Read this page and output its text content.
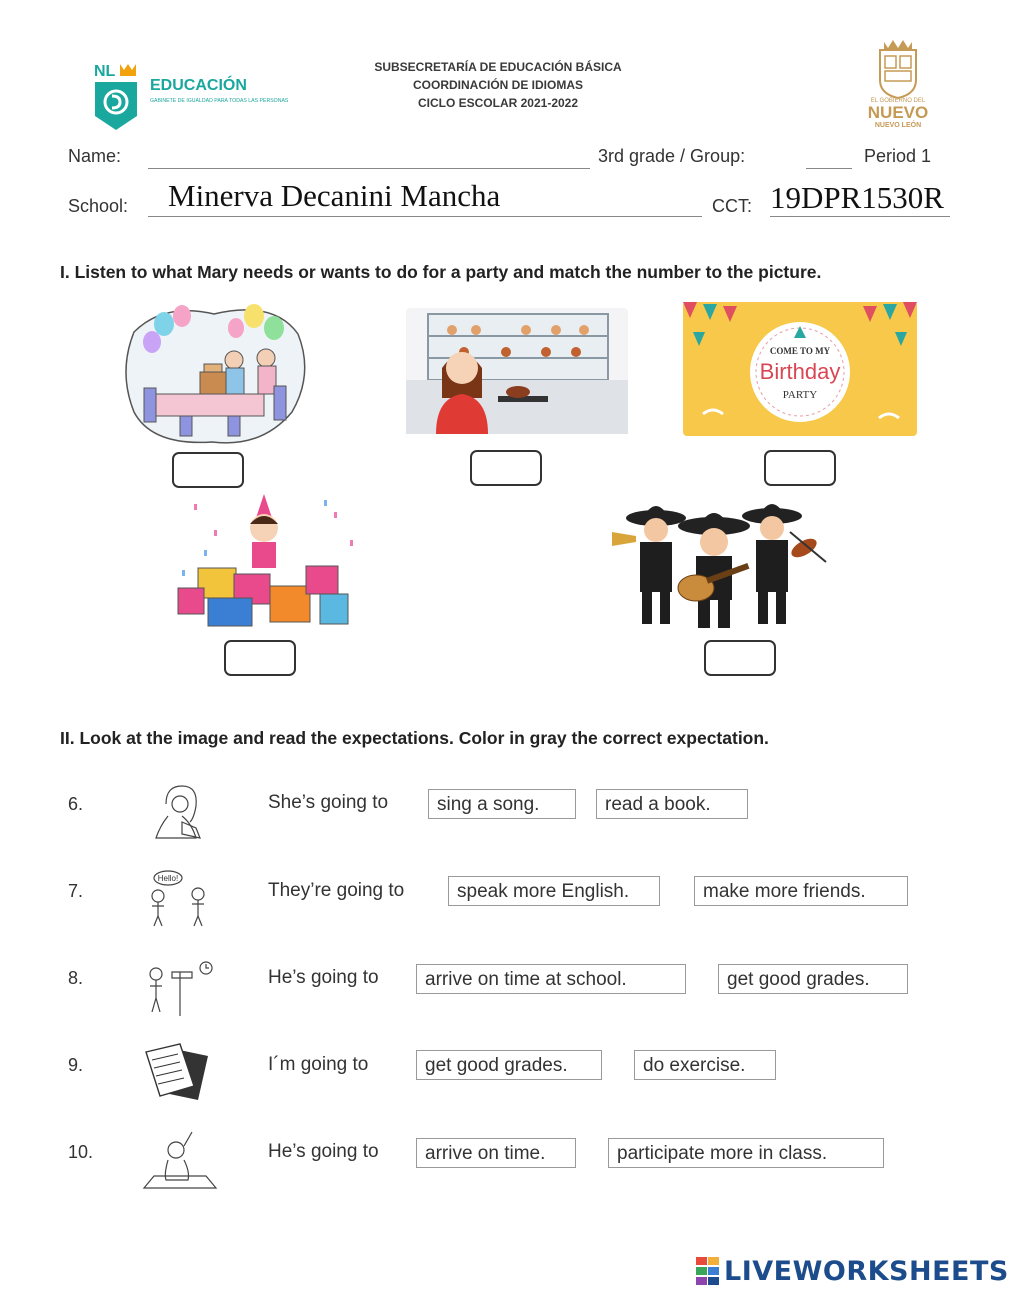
NL
EDUCACIÓN
GABINETE DE IGUALDAD PARA TODAS LAS PERSONAS
SUBSECRETARÍA DE EDUCACIÓN BÁSICA
COORDINACIÓN DE IDIOMAS
CICLO ESCOLAR 2021-2022	EL GOBIERNO DEL
NUEVO
NUEVO LEÓN
Name:	3rd grade / Group:	Period 1
School: Minerva Decanini Mancha	CCT: 19DPR1530R
I. Listen to what Mary needs or wants to do for a party and match the number to the picture.
COME TO MY
Birthday
PARTY
II. Look at the image and read the expectations. Color in gray the correct expectation.
6.	She’s going to	sing a song.	read a book.
7.
Hello!
They’re going to	speak more English.	make more friends.
8.	He’s going to	arrive on time at school.	get good grades.
9.	I´m going to	get good grades.	do exercise.
10.	He’s going to	arrive on time.	participate more in class.
LIVEWORKSHEETS
